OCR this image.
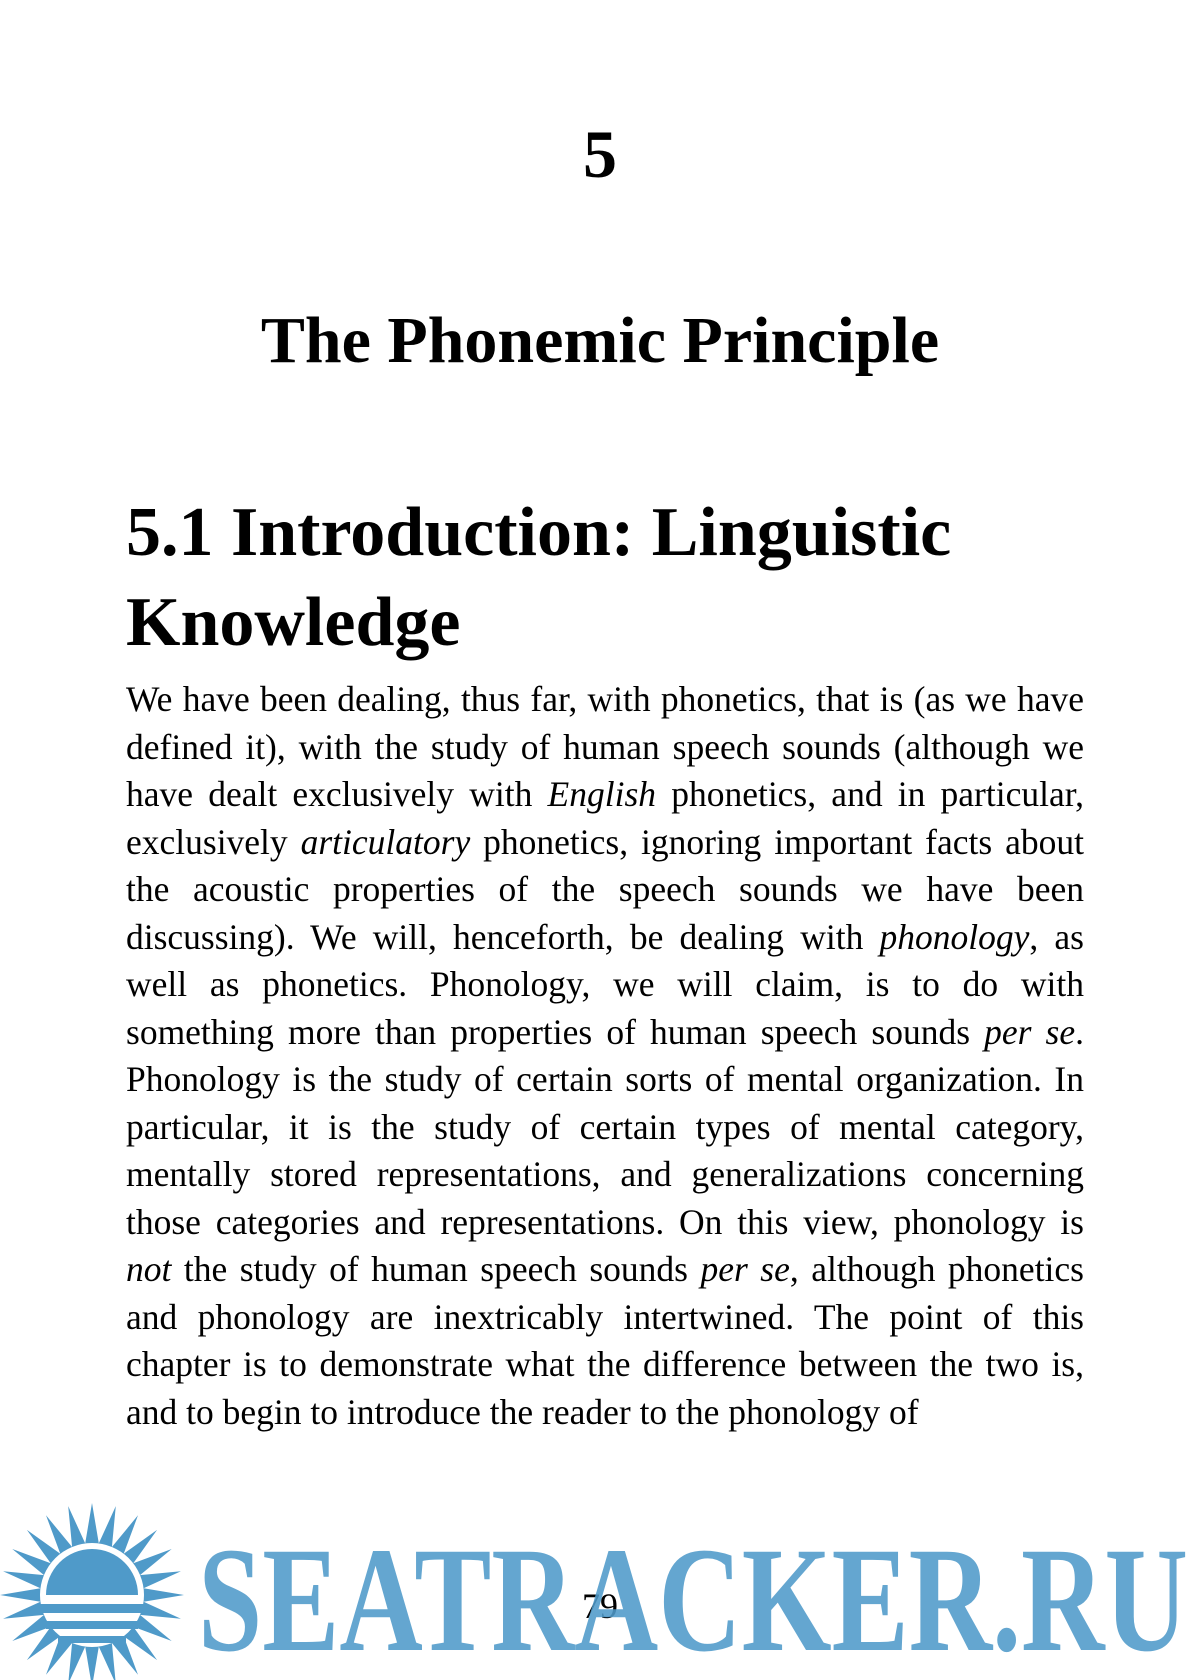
5
The Phonemic Principle
5.1 Introduction: Linguistic Knowledge

We have been dealing, thus far, with phonetics, that is (as we have defined it), with the study of human speech sounds (although we have dealt exclusively with English phonetics, and in particular, exclusively articulatory phonetics, ignoring important facts about the acoustic properties of the speech sounds we have been discussing). We will, henceforth, be dealing with phonology, as well as phonetics. Phonology, we will claim, is to do with something more than properties of human speech sounds per se. Phonology is the study of certain sorts of mental organization. In particular, it is the study of certain types of mental category, mentally stored representations, and generalizations concerning those categories and representations. On this view, phonology is not the study of human speech sounds per se, although phonetics and phonology are inextricably intertwined. The point of this chapter is to demonstrate what the difference between the two is, and to begin to introduce the reader to the phonology of

79
SEATRACKER.RU
